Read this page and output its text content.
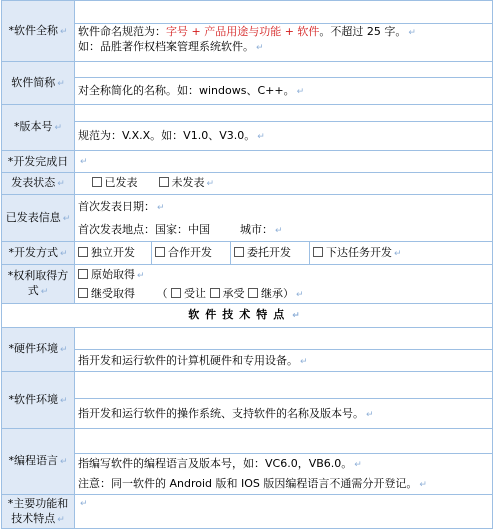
*软件全称 ↵	软件命名规范为：字号 + 产品用途与功能 + 软件。不超过 25 字。 ↵
如：品胜著作权档案管理系统软件。 ↵

软件简称 ↵	对全称简化的名称。如：windows、C++。 ↵

*版本号 ↵	规范为：V.X.X。如：V1.0、V3.0。 ↵

*开发完成日	↵
发表状态 ↵	已发表 未发表 ↵
已发表信息 ↵	首次发表日期： ↵
首次发表地点：国家：中国 城市： ↵

*开发方式 ↵	独立开发 合作开发 委托开发 下达任务开发 ↵

*权利取得方式 ↵	原始取得 ↵
继受取得 （ 受让 承受 继承） ↵

软件技术特点 ↵	
*硬件环境 ↵	指开发和运行软件的计算机硬件和专用设备。 ↵

*软件环境 ↵	指开发和运行软件的操作系统、支持软件的名称及版本号。 ↵

*编程语言 ↵	指编写软件的编程语言及版本号，如：VC6.0，VB6.0。 ↵
注意：同一软件的 Android 版和 IOS 版因编程语言不通需分开登记。 ↵

*主要功能和技术特点 ↵	↵
